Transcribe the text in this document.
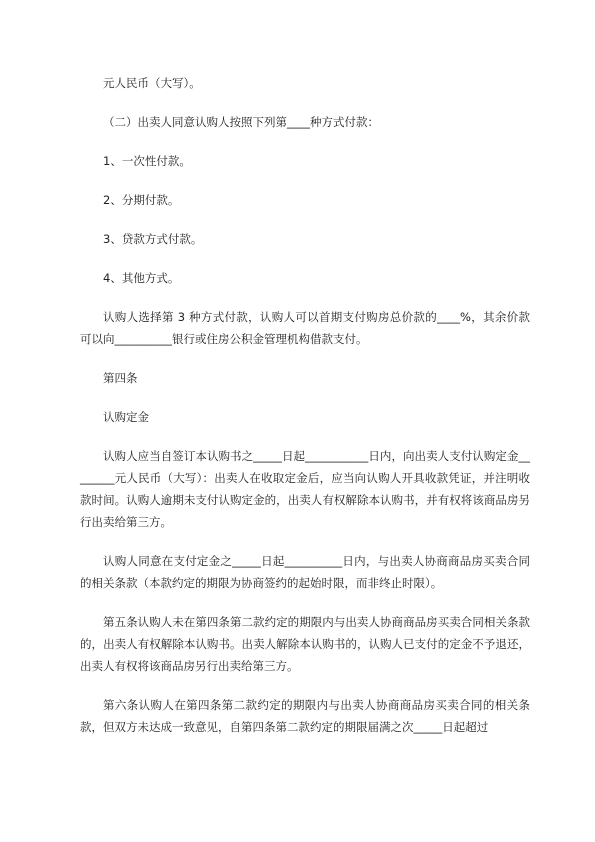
元人民币（大写）。

（二）出卖人同意认购人按照下列第____种方式付款：

1、一次性付款。

2、分期付款。

3、贷款方式付款。

4、其他方式。

认购人选择第 3 种方式付款，认购人可以首期支付购房总价款的____%，其余价款可以向__________银行或住房公积金管理机构借款支付。

第四条

认购定金

认购人应当自签订本认购书之_____日起___________日内，向出卖人支付认购定金________元人民币（大写）：出卖人在收取定金后，应当向认购人开具收款凭证，并注明收款时间。认购人逾期未支付认购定金的，出卖人有权解除本认购书，并有权将该商品房另行出卖给第三方。

认购人同意在支付定金之_____日起__________日内，与出卖人协商商品房买卖合同的相关条款（本款约定的期限为协商签约的起始时限，而非终止时限）。

第五条认购人未在第四条第二款约定的期限内与出卖人协商商品房买卖合同相关条款的，出卖人有权解除本认购书。出卖人解除本认购书的，认购人已支付的定金不予退还，出卖人有权将该商品房另行出卖给第三方。

第六条认购人在第四条第二款约定的期限内与出卖人协商商品房买卖合同的相关条款，但双方未达成一致意见，自第四条第二款约定的期限届满之次_____日起超过
